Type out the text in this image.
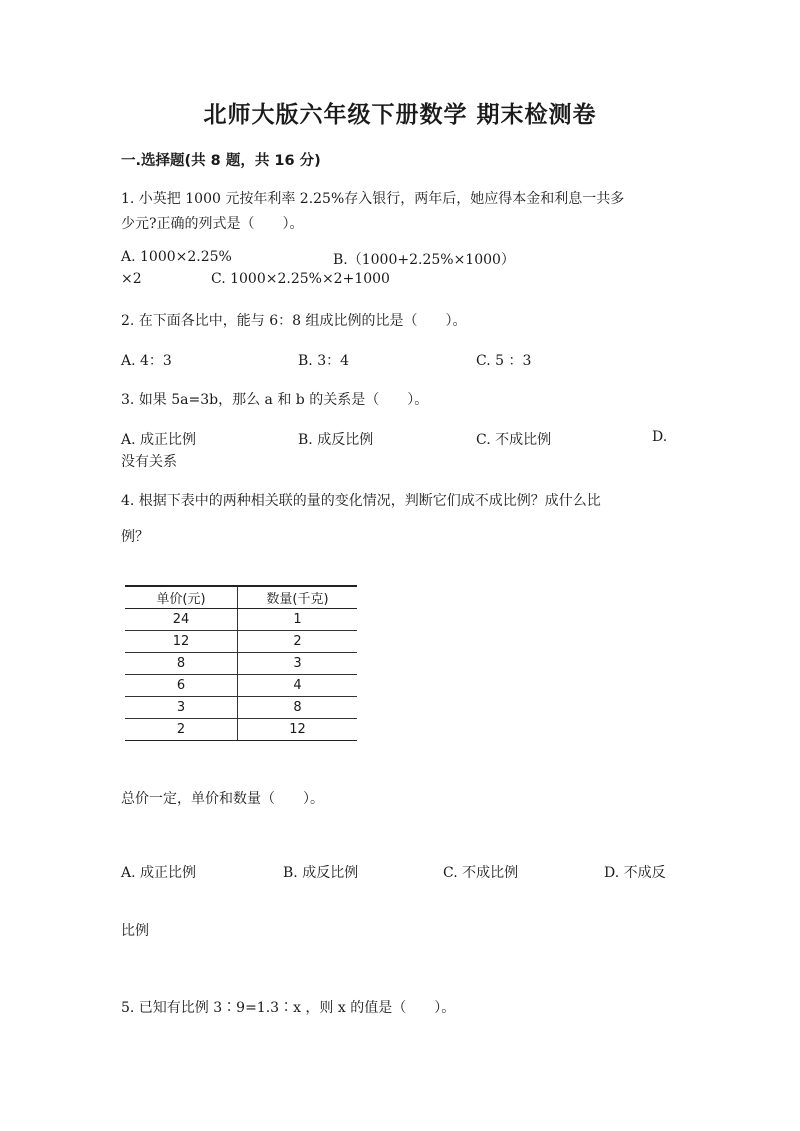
北师大版六年级下册数学 期末检测卷
一.选择题(共 8 题，共 16 分)
1. 小英把 1000 元按年利率 2.25%存入银行，两年后，她应得本金和利息一共多
少元?正确的列式是（　　）。
A. 1000×2.25%	B.（1000+2.25%×1000）
×2	C. 1000×2.25%×2+1000
2. 在下面各比中，能与 6：8 组成比例的比是（　　）。
A. 4：3	B. 3：4	C. 5 ：3
3. 如果 5a=3b，那么 a 和 b 的关系是（　　）。
A. 成正比例	B. 成反比例	C. 不成比例	D.
没有关系
4. 根据下表中的两种相关联的量的变化情况，判断它们成不成比例？成什么比
例？
单价(元)	数量(千克)
24	1
12	2
8	3
6	4
3	8
2	12
总价一定，单价和数量（　　）。
A. 成正比例	B. 成反比例	C. 不成比例	D. 不成反
比例
5. 已知有比例 3∶9=1.3∶x ，则 x 的值是（　　）。
